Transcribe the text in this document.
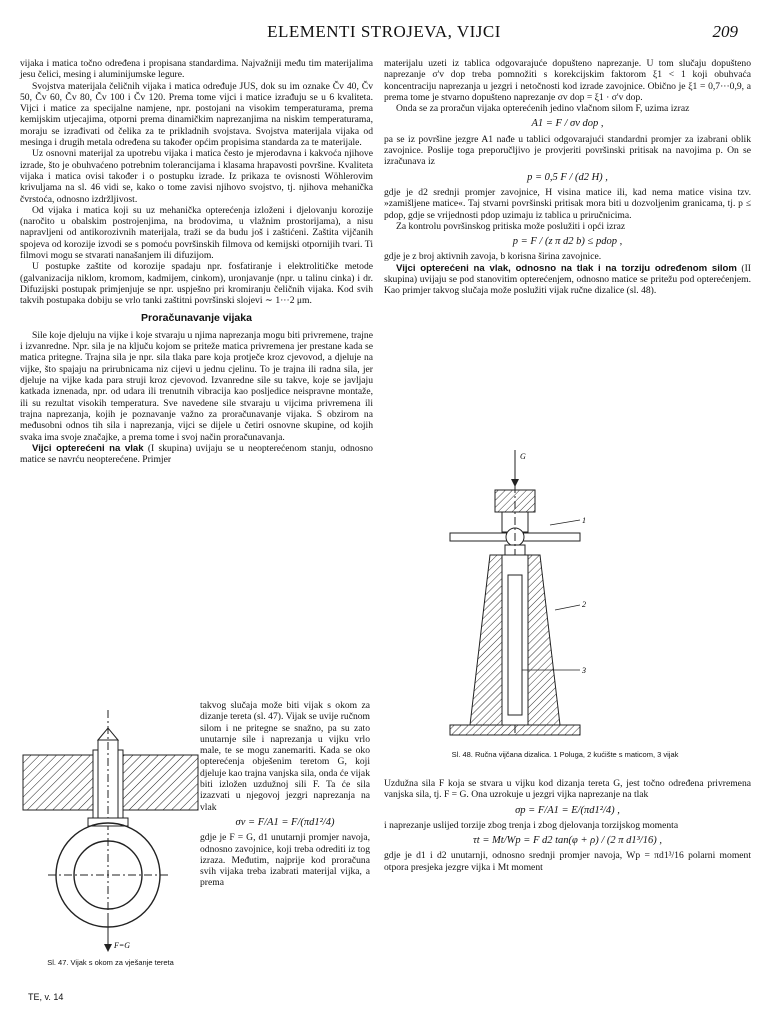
ELEMENTI STROJEVA, VIJCI	209

vijaka i matica točno određena i propisana standardima. Najvažniji među tim materijalima jesu čelici, mesing i aluminijumske legure.

Svojstva materijala čeličnih vijaka i matica određuje JUS, dok su im oznake Čv 40, Čv 50, Čv 60, Čv 80, Čv 100 i Čv 120. Prema tome vijci i matice izrađuju se u 6 kvaliteta. Vijci i matice za specijalne namjene, npr. postojani na visokim temperaturama, prema kemijskim utjecajima, otporni prema dinamičkim naprezanjima na niskim temperaturama, moraju se izrađivati od čelika za te prikladnih svojstava. Svojstva materijala vijaka od mesinga i drugih metala određena su također općim propisima standarda za te materijale.

Uz osnovni materijal za upotrebu vijaka i matica često je mjerodavna i kakvoća njihove izrade, što je obuhvaćeno potrebnim tolerancijama i klasama hrapavosti površine. Kvaliteta vijaka i matica ovisi također i o postupku izrade. Iz prikaza te ovisnosti Wöhlerovim krivuljama na sl. 46 vidi se, kako o tome zavisi njihovo svojstvo, tj. njihova mehanička čvrstoća, odnosno izdržljivost.

Od vijaka i matica koji su uz mehanička opterećenja izloženi i djelovanju korozije (naročito u obalskim postrojenjima, na brodovima, u vlažnim prostorijama), a nisu napravljeni od antikorozivnih materijala, traži se da budu još i zaštićeni. Zaštita vijčanih spojeva od korozije izvodi se s pomoću površinskih filmova od kemijski otpornijih tvari. Ti filmovi mogu se stvarati nanašanjem ili difuzijom.

U postupke zaštite od korozije spadaju npr. fosfatiranje i elektrolitičke metode (galvanizacija niklom, kromom, kadmijem, cinkom), uronjavanje (npr. u talinu cinka) i dr. Difuzijski postupak primjenjuje se npr. uspješno pri kromiranju čeličnih vijaka. Kod svih takvih postupaka dobiju se vrlo tanki zaštitni površinski slojevi ∼ 1···2 μm.

Proračunavanje vijaka

Sile koje djeluju na vijke i koje stvaraju u njima naprezanja mogu biti privremene, trajne i izvanredne. Npr. sila je na ključu kojom se priteže matica privremena jer prestane kada se matica pritegne. Trajna sila je npr. sila tlaka pare koja protječe kroz cjevovod, a djeluje na vijke, što spajaju na prirubnicama niz cijevi u jednu cjelinu. To je trajna ili radna sila, jer djeluje na vijke kada para struji kroz cjevovod. Izvanredne sile su takve, koje se javljaju katkada iznenada, npr. od udara ili trenutnih vibracija kao posljedice neispravne montaže, ili su rezultat visokih temperatura. Sve navedene sile stvaraju u vijcima privremena ili trajna naprezanja, kojih je poznavanje važno za proračunavanje vijaka. S obzirom na međusobni odnos tih sila i naprezanja, vijci se dijele u četiri osnovne skupine, od kojih svaka ima svoje značajke, a prema tome i svoj način proračunavanja.

Vijci opterećeni na vlak (I skupina) uvijaju se u neopterećenom stanju, odnosno matice se navrću neopterećene. Primjer

F=G
Sl. 47. Vijak s okom za vješanje tereta

takvog slučaja može biti vijak s okom za dizanje tereta (sl. 47). Vijak se uvije ručnom silom i ne pritegne se snažno, pa su zato unutarnje sile i naprezanja u vijku vrlo male, te se mogu zanemariti. Kada se oko opterećenja obješenim teretom G, koji djeluje kao trajna vanjska sila, onda će vijak biti izložen uzdužnoj sili F. Ta će sila izazvati u njegovoj jezgri naprezanja na vlak

σv = F/A1 = F/(πd1²/4)

gdje je F = G, d1 unutarnji promjer navoja, odnosno zavojnice, koji treba odrediti iz tog izraza. Međutim, najprije kod proračuna svih vijaka treba izabrati materijal vijka, a prema

materijalu uzeti iz tablica odgovarajuće dopušteno naprezanje. U tom slučaju dopušteno naprezanje σ'v dop treba pomnožiti s korekcijskim faktorom ξ1 < 1 koji obuhvaća koncentraciju naprezanja u jezgri i netočnosti kod izrade zavojnice. Obično je ξ1 = 0,7···0,9, a prema tome je stvarno dopušteno naprezanje σv dop = ξ1 · σ'v dop.

Onda se za proračun vijaka opterećenih jedino vlačnom silom F, uzima izraz

A1 = F / σv dop ,

pa se iz površine jezgre A1 nađe u tablici odgovarajući standardni promjer za izabrani oblik zavojnice. Poslije toga preporučljivo je provjeriti površinski pritisak na navojima p. On se izračunava iz

p = 0,5 F / (d2 H) ,

gdje je d2 srednji promjer zavojnice, H visina matice ili, kad nema matice visina tzv. »zamišljene matice«. Taj stvarni površinski pritisak mora biti u dozvoljenim granicama, tj. p ≤ pdop, gdje se vrijednosti pdop uzimaju iz tablica u priručnicima.

Za kontrolu površinskog pritiska može poslužiti i opći izraz

p = F / (z π d2 b) ≤ pdop ,

gdje je z broj aktivnih zavoja, b korisna širina zavojnice.

Vijci opterećeni na vlak, odnosno na tlak i na torziju određenom silom (II skupina) uvijaju se pod stanovitim opterećenjem, odnosno matice se pritežu pod opterećenjem. Kao primjer takvog slučaja može poslužiti vijak ručne dizalice (sl. 48).

G
1
2
3
Sl. 48. Ručna vijčana dizalica. 1 Poluga, 2 kućište s maticom, 3 vijak

Uzdužna sila F koja se stvara u vijku kod dizanja tereta G, jest točno određena privremena vanjska sila, tj. F = G. Ona uzrokuje u jezgri vijka naprezanje na tlak

σp = F/A1 = E/(πd1²/4) ,

i naprezanje uslijed torzije zbog trenja i zbog djelovanja torzijskog momenta

τt = Mt/Wp = F d2 tan(φ + ρ) / (2 π d1³/16) ,

gdje je d1 i d2 unutarnji, odnosno srednji promjer navoja, Wp = πd1³/16 polarni moment otpora presjeka jezgre vijka i Mt moment

TE, v. 14
